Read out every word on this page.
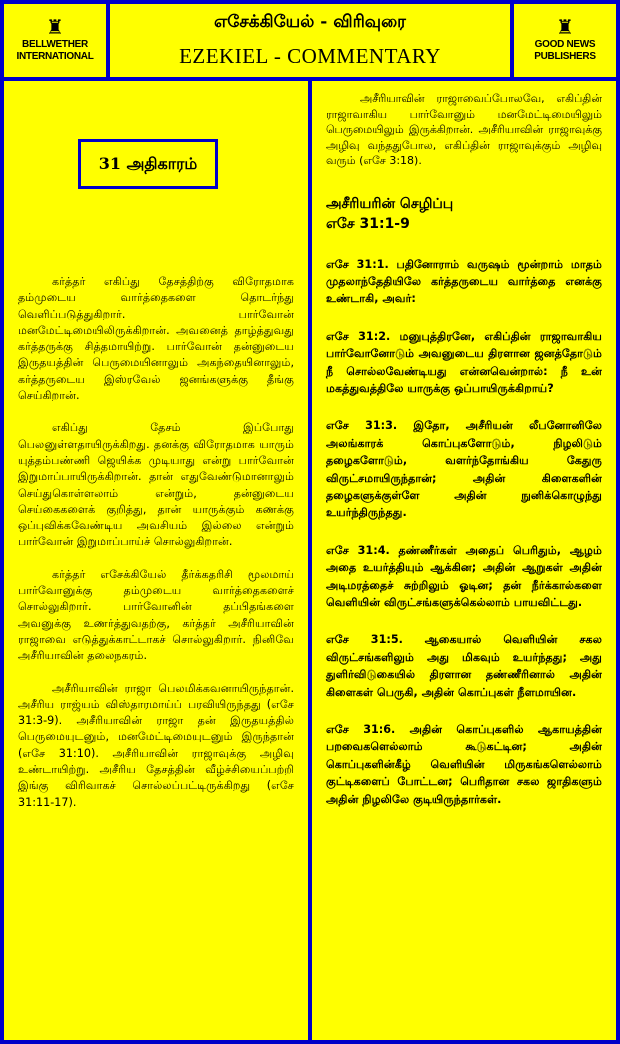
♜
BELLWETHER
INTERNATIONAL
எசேக்கியேல் - விரிவுரை
EZEKIEL - COMMENTARY
♜
GOOD NEWS
PUBLISHERS
31 அதிகாரம்

கர்த்தர் எகிப்து தேசத்திற்கு விரோதமாக தம்முடைய வார்த்தைகளை தொடர்ந்து வெளிப்படுத்துகிறார். பார்வோன் மனமேட்டிமையிலிருக்கிறான். அவனைத் தாழ்த்துவது கர்த்தருக்கு சித்தமாயிற்று. பார்வோன் தன்னுடைய இருதயத்தின் பெருமையினாலும் அகந்தையினாலும், கர்த்தருடைய இஸ்ரவேல் ஜனங்களுக்கு தீங்கு செய்கிறான்.

எகிப்து தேசம் இப்போது பெலனுள்ளதாயிருக்கிறது. தனக்கு விரோதமாக யாரும் யுத்தம்பண்ணி ஜெயிக்க முடியாது என்று பார்வோன் இறுமாப்பாயிருக்கிறான். தான் எதுவேண்டுமானாலும் செய்துகொள்ளலாம் என்றும், தன்னுடைய செய்கைகளைக் குறித்து, தான் யாருக்கும் கணக்கு ஒப்புவிக்கவேண்டிய அவசியம் இல்லை என்றும் பார்வோன் இறுமாப்பாய்ச் சொல்லுகிறான்.

கர்த்தர் எசேக்கியேல் தீர்க்கதரிசி மூலமாய் பார்வோனுக்கு தம்முடைய வார்த்தைகளைச் சொல்லுகிறார். பார்வோனின் தப்பிதங்களை அவனுக்கு உணர்த்துவதற்கு, கர்த்தர் அசீரியாவின் ராஜாவை எடுத்துக்காட்டாகச் சொல்லுகிறார். நினிவே அசீரியாவின் தலைநகரம்.

அசீரியாவின் ராஜா பெலமிக்கவனாயிருந்தான். அசீரிய ராஜ்யம் விஸ்தாரமாய்ப் பரவியிருந்தது (எசே 31:3-9). அசீரியாவின் ராஜா தன் இருதயத்தில் பெருமையுடனும், மனமேட்டிமையுடனும் இருந்தான் (எசே 31:10). அசீரியாவின் ராஜாவுக்கு அழிவு உண்டாயிற்று. அசீரிய தேசத்தின் வீழ்ச்சியைப்பற்றி இங்கு விரிவாகச் சொல்லப்பட்டிருக்கிறது (எசே 31:11-17).

அசீரியாவின் ராஜாவைப்போலவே, எகிப்தின் ராஜாவாகிய பார்வோனும் மனமேட்டிமையிலும் பெருமையிலும் இருக்கிறான். அசீரியாவின் ராஜாவுக்கு அழிவு வந்ததுபோல, எகிப்தின் ராஜாவுக்கும் அழிவு வரும் (எசே 3:18).

அசீரியரின் செழிப்பு
எசே 31:1-9

எசே 31:1. பதினோராம் வருஷம் மூன்றாம் மாதம் முதலாந்தேதியிலே கர்த்தருடைய வார்த்தை எனக்கு உண்டாகி, அவர்:

எசே 31:2. மனுபுத்திரனே, எகிப்தின் ராஜாவாகிய பார்வோனோடும் அவனுடைய திரளான ஜனத்தோடும் நீ சொல்லவேண்டியது என்னவென்றால்: நீ உன் மகத்துவத்திலே யாருக்கு ஒப்பாயிருக்கிறாய்?

எசே 31:3. இதோ, அசீரியன் லீபனோனிலே அலங்காரக் கொப்புகளோடும், நிழலிடும் தழைகளோடும், வளர்ந்தோங்கிய கேதுரு விருட்சமாயிருந்தான்; அதின் கிளைகளின் தழைகளுக்குள்ளே அதின் நுனிக்கொழுந்து உயர்ந்திருந்தது.

எசே 31:4. தண்ணீர்கள் அதைப் பெரிதும், ஆழம் அதை உயர்த்தியும் ஆக்கின; அதின் ஆறுகள் அதின் அடிமரத்தைச் சுற்றிலும் ஓடின; தன் நீர்க்கால்களை வெளியின் விருட்சங்களுக்கெல்லாம் பாயவிட்டது.

எசே 31:5. ஆகையால் வெளியின் சகல விருட்சங்களிலும் அது மிகவும் உயர்ந்தது; அது துளிர்விடுகையில் திரளான தண்ணீரினால் அதின் கிளைகள் பெருகி, அதின் கொப்புகள் நீளமாயின.

எசே 31:6. அதின் கொப்புகளில் ஆகாயத்தின் பறவைகளெல்லாம் கூடுகட்டின; அதின் கொப்புகளின்கீழ் வெளியின் மிருகங்களெல்லாம் குட்டிகளைப் போட்டன; பெரிதான சகல ஜாதிகளும் அதின் நிழலிலே குடியிருந்தார்கள்.
